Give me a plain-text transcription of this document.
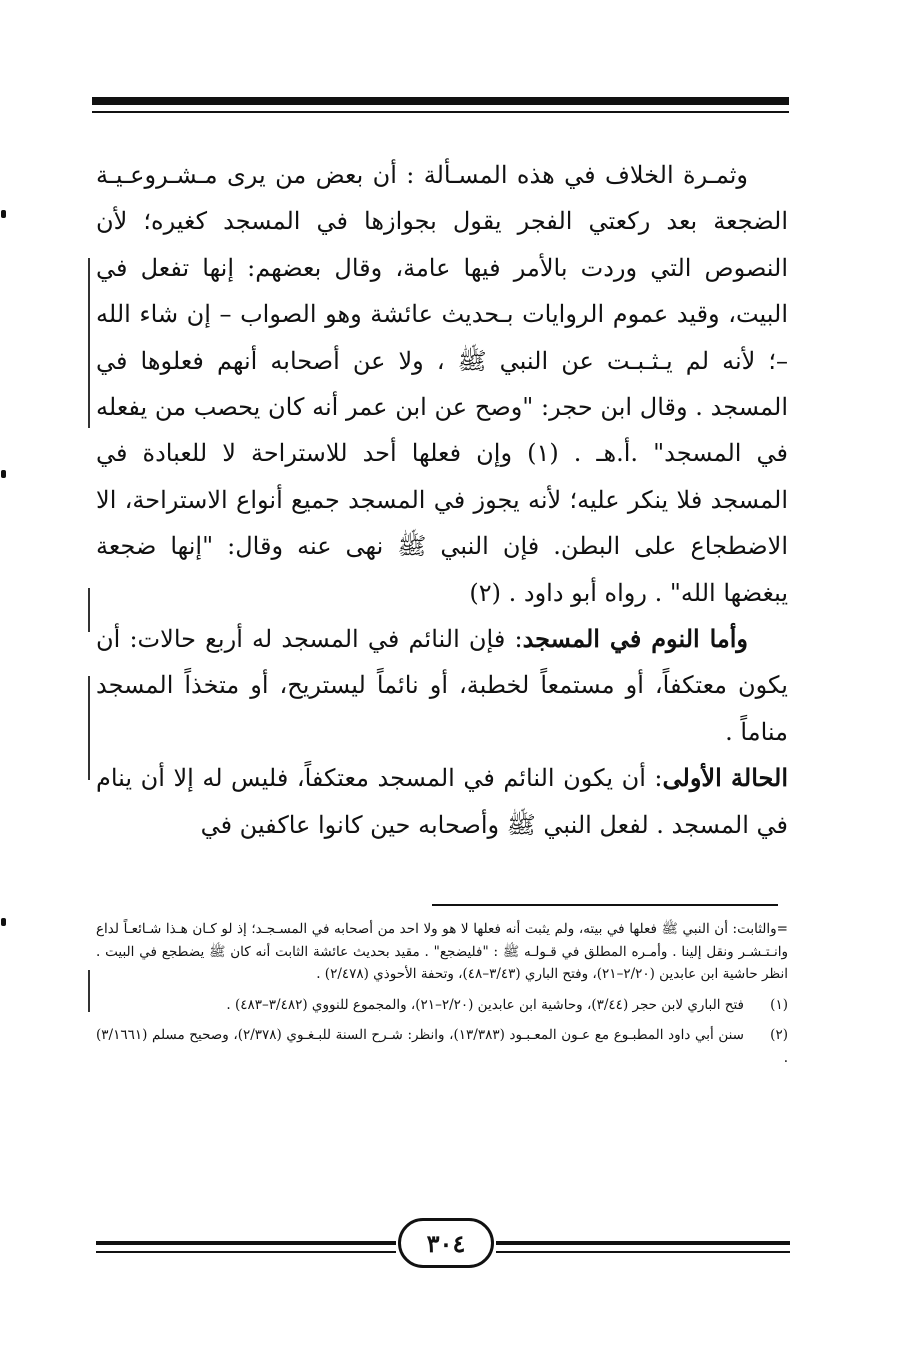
وثمـرة الخلاف في هذه المسـألة : أن بعض من يرى مـشـروعـيـة الضجعة بعد ركعتي الفجر يقول بجوازها في المسجد كغيره؛ لأن النصوص التي وردت بالأمر فيها عامة، وقال بعضهم: إنها تفعل في البيت، وقيد عموم الروايات بـحديث عائشة وهو الصواب – إن شاء الله –؛ لأنه لم يـثـبـت عن النبي ﷺ ، ولا عن أصحابه أنهم فعلوها في المسجد . وقال ابن حجر: "وصح عن ابن عمر أنه كان يحصب من يفعله في المسجد" .أ.هـ . (١) وإن فعلها أحد للاستراحة لا للعبادة في المسجد فلا ينكر عليه؛ لأنه يجوز في المسجد جميع أنواع الاستراحة، الا الاضطجاع على البطن. فإن النبي ﷺ نهى عنه وقال: "إنها ضجعة يبغضها الله" . رواه أبو داود . (٢)

وأما النوم في المسجد: فإن النائم في المسجد له أربع حالات: أن يكون معتكفاً، أو مستمعاً لخطبة، أو نائماً ليستريح، أو متخذاً المسجد مناماً .

الحالة الأولى: أن يكون النائم في المسجد معتكفاً، فليس له إلا أن ينام في المسجد . لفعل النبي ﷺ وأصحابه حين كانوا عاكفين في

=والثابت: أن النبي ﷺ فعلها في بيته، ولم يثبت أنه فعلها لا هو ولا احد من أصحابه في المسـجـد؛ إذ لو كـان هـذا شـائعـاً لداع وانـتـشـر ونقل إلينا . وأمـره المطلق في قـولـه ﷺ : "فليضجع" . مقيد بحديث عائشة الثابت أنه كان ﷺ يضطجع في البيت . انظر حاشية ابن عابدين (٢/٢٠–٢١)، وفتح الباري (٣/٤٣–٤٨)، وتحفة الأحوذي (٢/٤٧٨) .

(١)فتح الباري لابن حجر (٣/٤٤)، وحاشية ابن عابدين (٢/٢٠–٢١)، والمجموع للنووي (٣/٤٨٢–٤٨٣) .

(٢)سنن أبي داود المطبـوع مع عـون المعـبـود (١٣/٣٨٣)، وانظر: شـرح السنة للبـغـوي (٢/٣٧٨)، وصحيح مسلم (٣/١٦٦١) .

٣٠٤
